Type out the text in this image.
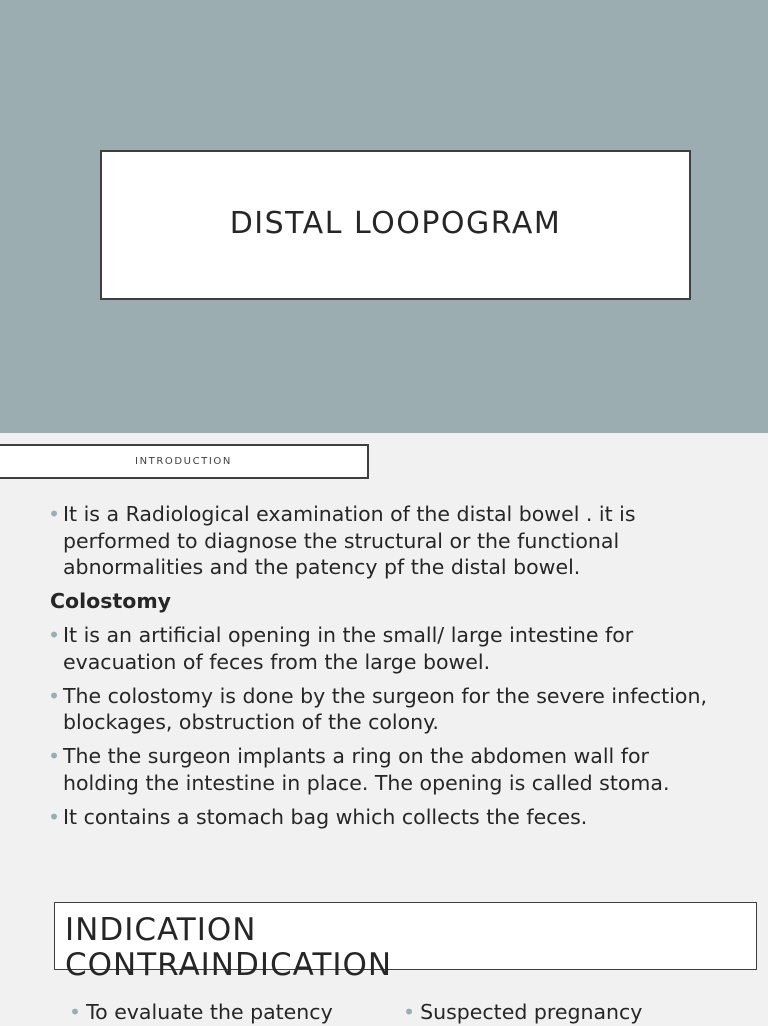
DISTAL LOOPOGRAM
INTRODUCTION
• It is a Radiological examination of the distal bowel . it is performed to diagnose the structural or the functional abnormalities and the patency pf the distal bowel.
Colostomy
• It is an artificial opening in the small/ large intestine for evacuation of feces from the large bowel.
• The colostomy is done by the surgeon for the severe infection, blockages, obstruction of the colony.
• The the surgeon implants a ring on the abdomen wall for holding the intestine in place. The opening is called stoma.
• It contains a stomach bag which collects the feces.
INDICATION
CONTRAINDICATION
• To evaluate the patency	• Suspected pregnancy
